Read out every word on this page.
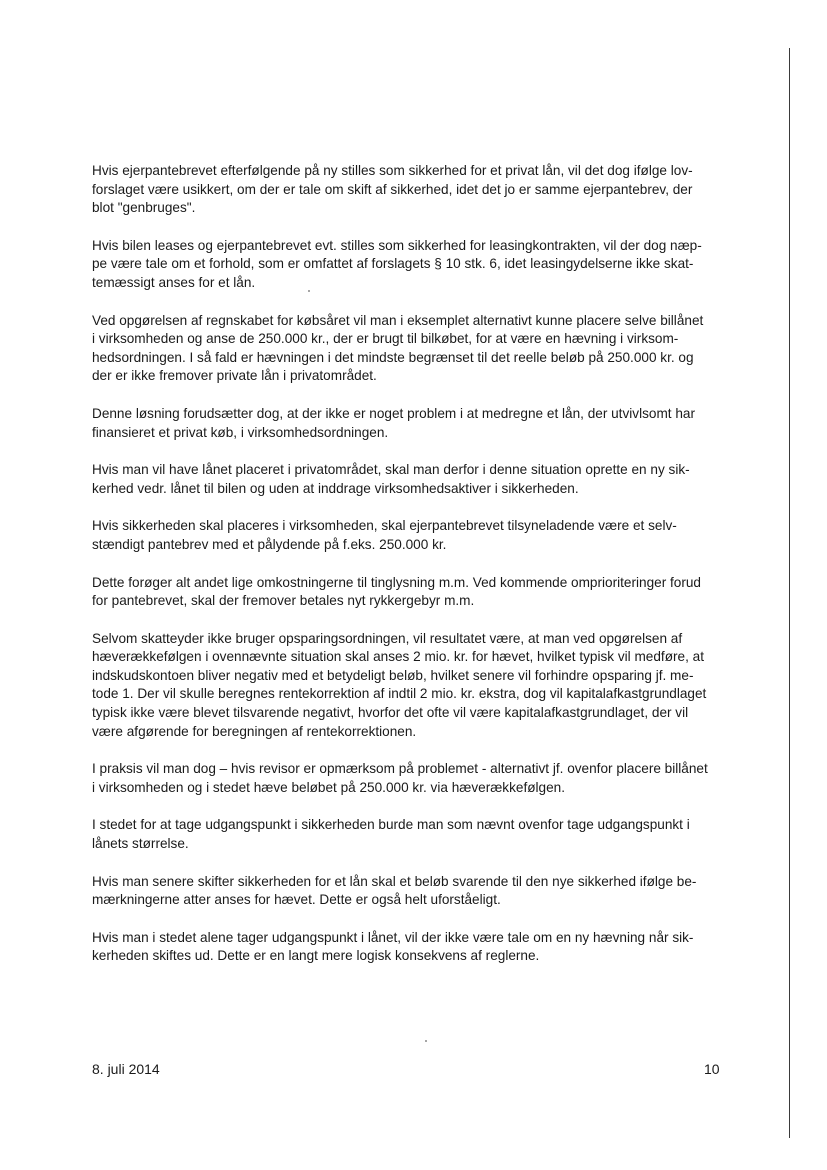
Hvis ejerpantebrevet efterfølgende på ny stilles som sikkerhed for et privat lån, vil det dog ifølge lov-
forslaget være usikkert, om der er tale om skift af sikkerhed, idet det jo er samme ejerpantebrev, der
blot "genbruges".

Hvis bilen leases og ejerpantebrevet evt. stilles som sikkerhed for leasingkontrakten, vil der dog næp-
pe være tale om et forhold, som er omfattet af forslagets § 10 stk. 6, idet leasingydelserne ikke skat-
temæssigt anses for et lån.

Ved opgørelsen af regnskabet for købsåret vil man i eksemplet alternativt kunne placere selve billånet
i virksomheden og anse de 250.000 kr., der er brugt til bilkøbet, for at være en hævning i virksom-
hedsordningen. I så fald er hævningen i det mindste begrænset til det reelle beløb på 250.000 kr. og
der er ikke fremover private lån i privatområdet.

Denne løsning forudsætter dog, at der ikke er noget problem i at medregne et lån, der utvivlsomt har
finansieret et privat køb, i virksomhedsordningen.

Hvis man vil have lånet placeret i privatområdet, skal man derfor i denne situation oprette en ny sik-
kerhed vedr. lånet til bilen og uden at inddrage virksomhedsaktiver i sikkerheden.

Hvis sikkerheden skal placeres i virksomheden, skal ejerpantebrevet tilsyneladende være et selv-
stændigt pantebrev med et pålydende på f.eks. 250.000 kr.

Dette forøger alt andet lige omkostningerne til tinglysning m.m. Ved kommende omprioriteringer forud
for pantebrevet, skal der fremover betales nyt rykkergebyr m.m.

Selvom skatteyder ikke bruger opsparingsordningen, vil resultatet være, at man ved opgørelsen af
hæverækkefølgen i ovennævnte situation skal anses 2 mio. kr. for hævet, hvilket typisk vil medføre, at
indskudskontoen bliver negativ med et betydeligt beløb, hvilket senere vil forhindre opsparing jf. me-
tode 1. Der vil skulle beregnes rentekorrektion af indtil 2 mio. kr. ekstra, dog vil kapitalafkastgrundlaget
typisk ikke være blevet tilsvarende negativt, hvorfor det ofte vil være kapitalafkastgrundlaget, der vil
være afgørende for beregningen af rentekorrektionen.

I praksis vil man dog – hvis revisor er opmærksom på problemet - alternativt jf. ovenfor placere billånet
i virksomheden og i stedet hæve beløbet på 250.000 kr. via hæverækkefølgen.

I stedet for at tage udgangspunkt i sikkerheden burde man som nævnt ovenfor tage udgangspunkt i
lånets størrelse.

Hvis man senere skifter sikkerheden for et lån skal et beløb svarende til den nye sikkerhed ifølge be-
mærkningerne atter anses for hævet. Dette er også helt uforståeligt.

Hvis man i stedet alene tager udgangspunkt i lånet, vil der ikke være tale om en ny hævning når sik-
kerheden skiftes ud. Dette er en langt mere logisk konsekvens af reglerne.

8. juli 2014	10
